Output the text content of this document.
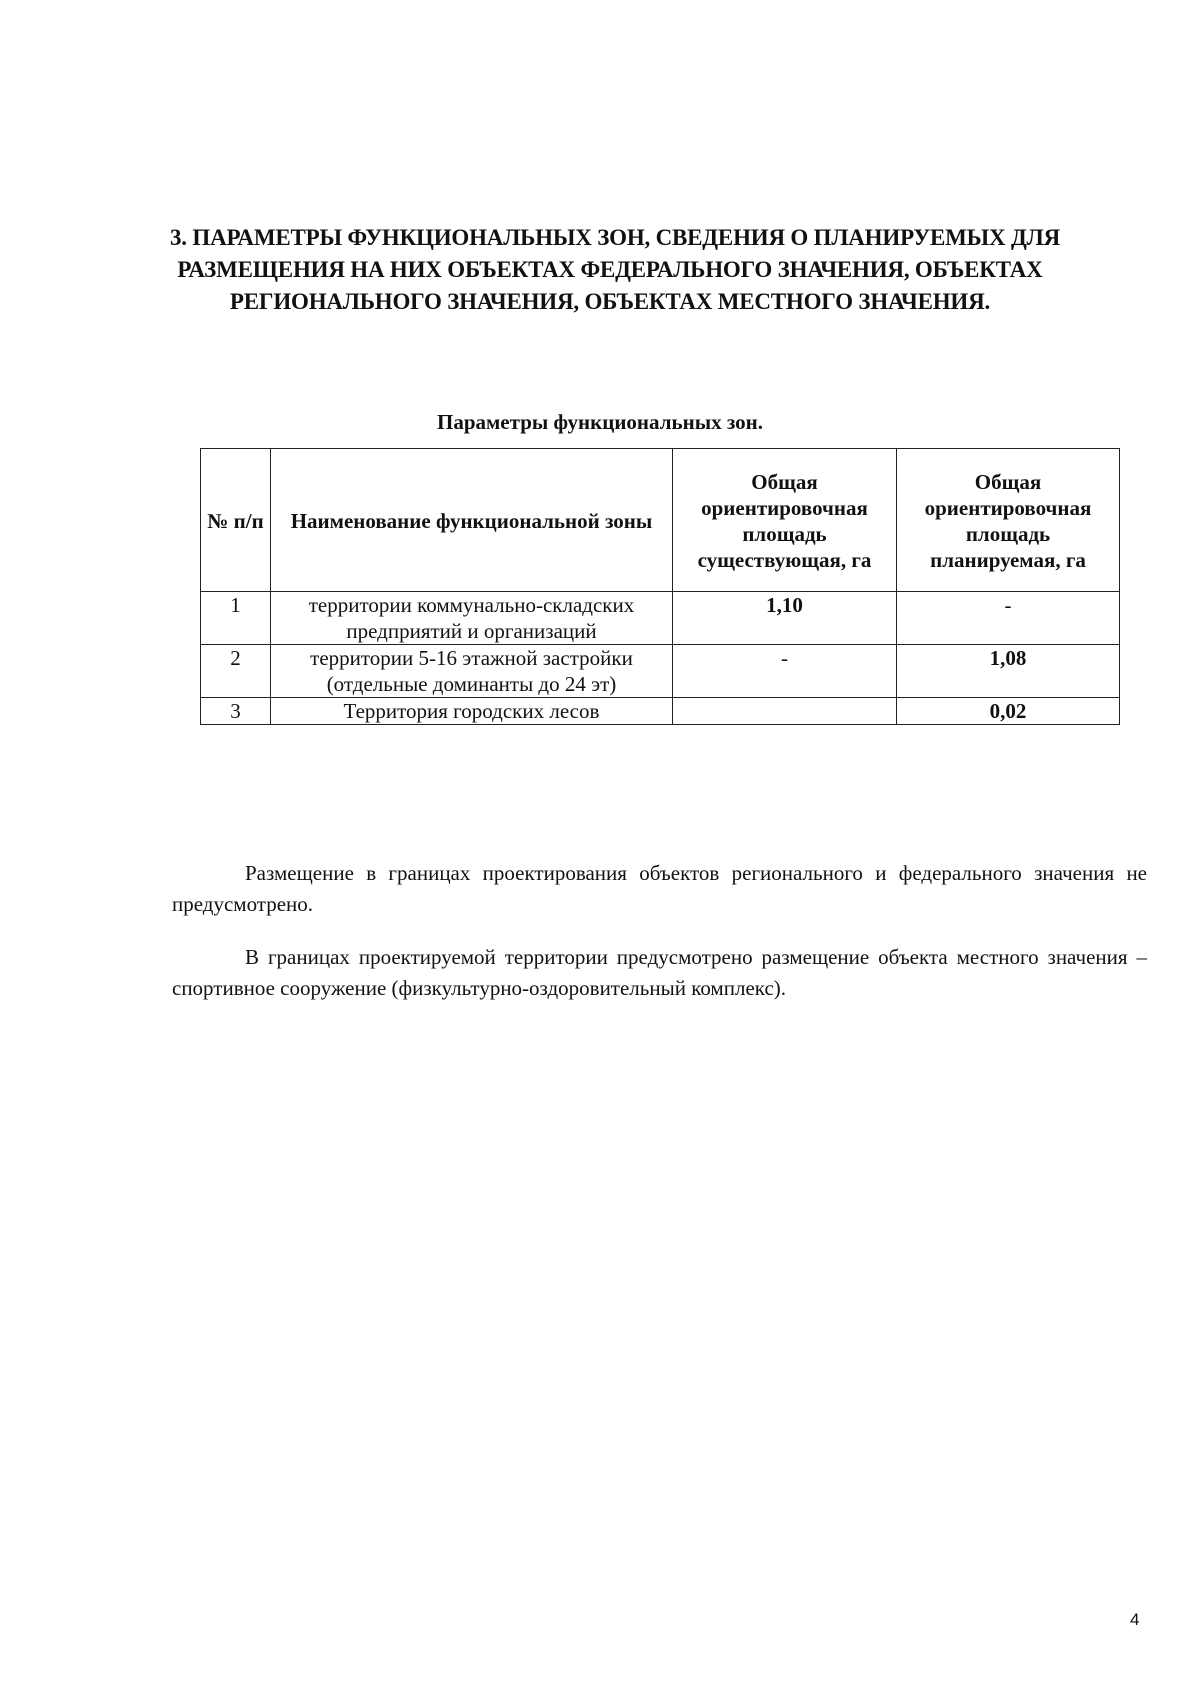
3. ПАРАМЕТРЫ ФУНКЦИОНАЛЬНЫХ ЗОН, СВЕДЕНИЯ О ПЛАНИРУЕМЫХ ДЛЯ
РАЗМЕЩЕНИЯ НА НИХ ОБЪЕКТАХ ФЕДЕРАЛЬНОГО ЗНАЧЕНИЯ, ОБЪЕКТАХ
РЕГИОНАЛЬНОГО ЗНАЧЕНИЯ, ОБЪЕКТАХ МЕСТНОГО ЗНАЧЕНИЯ.
Параметры функциональных зон.
№ п/п	Наименование функциональной зоны	Общая ориентировочная площадь существующая, га	Общая ориентировочная площадь планируемая, га
1	территории коммунально-складских предприятий и организаций	1,10	-
2	территории 5-16 этажной застройки (отдельные доминанты до 24 эт)	-	1,08
3	Территория городских лесов		0,02

Размещение в границах проектирования объектов регионального и федерального значения не предусмотрено.

В границах проектируемой территории предусмотрено размещение объекта местного значения – спортивное сооружение (физкультурно-оздоровительный комплекс).

4
